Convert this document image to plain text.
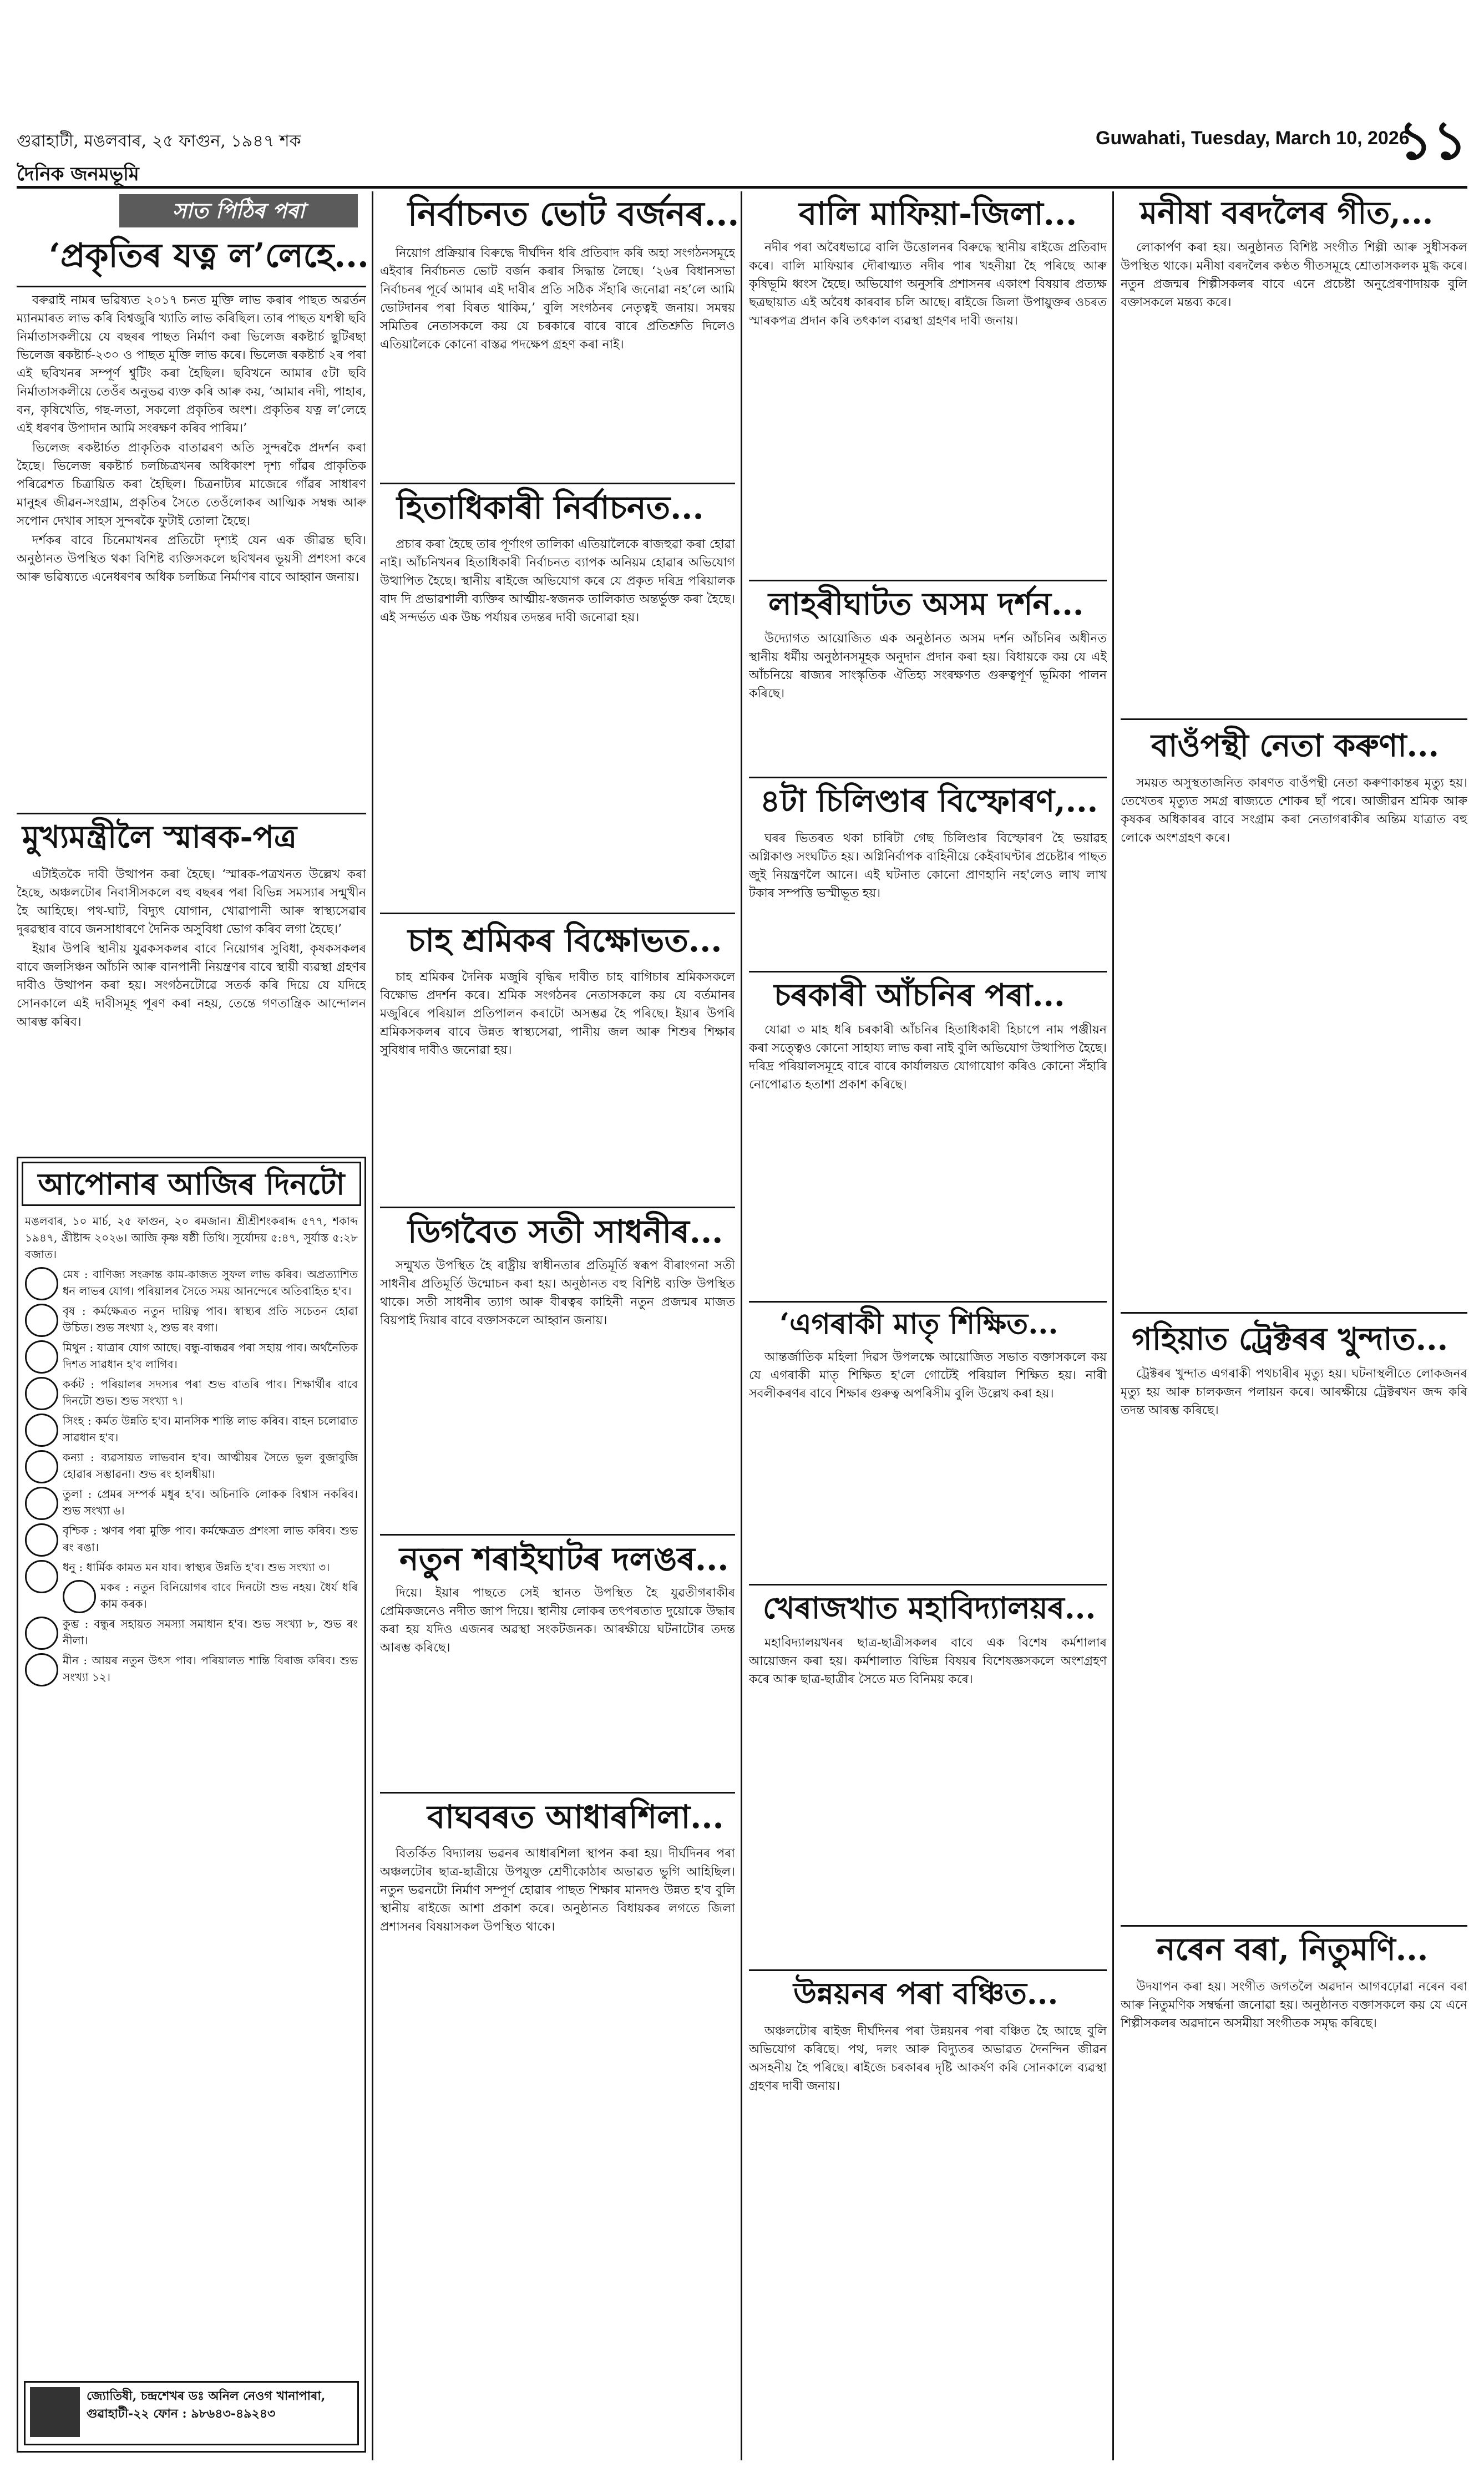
গুৱাহাটী, মঙলবাৰ, ২৫ ফাগুন, ১৯৪৭ শক
দৈনিক জনমভূমি
Guwahati, Tuesday, March 10, 2026
১১
সাত পিঠিৰ পৰা
‘প্ৰকৃতিৰ যত্ন ল’লেহে...

বৰুৱাই নামৰ ভৱিষ্যত ২০১৭ চনত মুক্তি লাভ কৰাৰ পাছত অৱৰ্তন ম্যানমাৰত লাভ কৰি বিশ্বজুৰি খ্যাতি লাভ কৰিছিল। তাৰ পাছত যশস্বী ছবি নিৰ্মাতাসকলীয়ে যে বছৰৰ পাছত নিৰ্মাণ কৰা ভিলেজ ৰকষ্টাৰ্চ ছুটিৰছা ভিলেজ ৰকষ্টাৰ্চ-২৩০ ও পাছত মুক্তি লাভ কৰে। ভিলেজ ৰকষ্টাৰ্চ ২ৰ পৰা এই ছবিখনৰ সম্পূৰ্ণ শ্বুটিং কৰা হৈছিল। ছবিখনে আমাৰ ৫টা ছবি নিৰ্মাতাসকলীয়ে তেওঁৰ অনুভৱ ব্যক্ত কৰি আৰু কয়, ‘আমাৰ নদী, পাহাৰ, বন, কৃষিখেতি, গছ-লতা, সকলো প্ৰকৃতিৰ অংশ। প্ৰকৃতিৰ যত্ন ল’লেহে এই ধৰণৰ উপাদান আমি সংৰক্ষণ কৰিব পাৰিম।’

ভিলেজ ৰকষ্টাৰ্চত প্ৰাকৃতিক বাতাৱৰণ অতি সুন্দৰকৈ প্ৰদৰ্শন কৰা হৈছে। ভিলেজ ৰকষ্টাৰ্চ চলচ্চিত্ৰখনৰ অধিকাংশ দৃশ্য গাঁৱৰ প্ৰাকৃতিক পৰিৱেশত চিত্ৰায়িত কৰা হৈছিল। চিত্ৰনাট্যৰ মাজেৰে গাঁৱৰ সাধাৰণ মানুহৰ জীৱন-সংগ্ৰাম, প্ৰকৃতিৰ সৈতে তেওঁলোকৰ আত্মিক সম্বন্ধ আৰু সপোন দেখাৰ সাহস সুন্দৰকৈ ফুটাই তোলা হৈছে।

দৰ্শকৰ বাবে চিনেমাখনৰ প্ৰতিটো দৃশ্যই যেন এক জীৱন্ত ছবি। অনুষ্ঠানত উপস্থিত থকা বিশিষ্ট ব্যক্তিসকলে ছবিখনৰ ভূয়সী প্ৰশংসা কৰে আৰু ভৱিষ্যতে এনেধৰণৰ অধিক চলচ্চিত্ৰ নিৰ্মাণৰ বাবে আহ্বান জনায়।

মুখ্যমন্ত্ৰীলৈ স্মাৰক-পত্ৰ

এটাইতকৈ দাবী উত্থাপন কৰা হৈছে। ‘স্মাৰক-পত্ৰখনত উল্লেখ কৰা হৈছে, অঞ্চলটোৰ নিবাসীসকলে বহু বছৰৰ পৰা বিভিন্ন সমস্যাৰ সন্মুখীন হৈ আহিছে। পথ-ঘাট, বিদ্যুৎ যোগান, খোৱাপানী আৰু স্বাস্থ্যসেৱাৰ দুৰৱস্থাৰ বাবে জনসাধাৰণে দৈনিক অসুবিধা ভোগ কৰিব লগা হৈছে।’

ইয়াৰ উপৰি স্থানীয় যুৱকসকলৰ বাবে নিয়োগৰ সুবিধা, কৃষকসকলৰ বাবে জলসিঞ্চন আঁচনি আৰু বানপানী নিয়ন্ত্ৰণৰ বাবে স্থায়ী ব্যৱস্থা গ্ৰহণৰ দাবীও উত্থাপন কৰা হয়। সংগঠনটোৱে সতৰ্ক কৰি দিয়ে যে যদিহে সোনকালে এই দাবীসমূহ পূৰণ কৰা নহয়, তেন্তে গণতান্ত্ৰিক আন্দোলন আৰম্ভ কৰিব।

আপোনাৰ আজিৰ দিনটো

মঙলবাৰ, ১০ মাৰ্চ, ২৫ ফাগুন, ২০ ৰমজান। শ্ৰীশ্ৰীশংকৰাব্দ ৫৭৭, শকাব্দ ১৯৪৭, খ্ৰীষ্টাব্দ ২০২৬। আজি কৃষ্ণ ষষ্ঠী তিথি। সূৰ্যোদয় ৫:৪৭, সূৰ্যাস্ত ৫:২৮ বজাত।

মেষ : বাণিজ্য সংক্ৰান্ত কাম-কাজত সুফল লাভ কৰিব। অপ্ৰত্যাশিত ধন লাভৰ যোগ। পৰিয়ালৰ সৈতে সময় আনন্দেৰে অতিবাহিত হ'ব।

বৃষ : কৰ্মক্ষেত্ৰত নতুন দায়িত্ব পাব। স্বাস্থ্যৰ প্ৰতি সচেতন হোৱা উচিত। শুভ সংখ্যা ২, শুভ ৰং বগা।

মিথুন : যাত্ৰাৰ যোগ আছে। বন্ধু-বান্ধৱৰ পৰা সহায় পাব। অৰ্থনৈতিক দিশত সাৱধান হ'ব লাগিব।

কৰ্কট : পৰিয়ালৰ সদস্যৰ পৰা শুভ বাতৰি পাব। শিক্ষাৰ্থীৰ বাবে দিনটো শুভ। শুভ সংখ্যা ৭।

সিংহ : কৰ্মত উন্নতি হ'ব। মানসিক শান্তি লাভ কৰিব। বাহন চলোৱাত সাৱধান হ'ব।

কন্যা : ব্যৱসায়ত লাভবান হ'ব। আত্মীয়ৰ সৈতে ভুল বুজাবুজি হোৱাৰ সম্ভাৱনা। শুভ ৰং হালধীয়া।

তুলা : প্ৰেমৰ সম্পৰ্ক মধুৰ হ'ব। অচিনাকি লোকক বিশ্বাস নকৰিব। শুভ সংখ্যা ৬।

বৃশ্চিক : ঋণৰ পৰা মুক্তি পাব। কৰ্মক্ষেত্ৰত প্ৰশংসা লাভ কৰিব। শুভ ৰং ৰঙা।

ধনু : ধাৰ্মিক কামত মন যাব। স্বাস্থ্যৰ উন্নতি হ'ব। শুভ সংখ্যা ৩।

মকৰ : নতুন বিনিয়োগৰ বাবে দিনটো শুভ নহয়। ধৈৰ্য ধৰি কাম কৰক।

কুম্ভ : বন্ধুৰ সহায়ত সমস্যা সমাধান হ'ব। শুভ সংখ্যা ৮, শুভ ৰং নীলা।

মীন : আয়ৰ নতুন উৎস পাব। পৰিয়ালত শান্তি বিৰাজ কৰিব। শুভ সংখ্যা ১২।

জ্যোতিষী, চন্দ্ৰশেখৰ ডঃ অনিল নেওগ খানাপাৰা, গুৱাহাটী-২২ ফোন : ৯৮৬৪৩-৪৯২৪৩
নিৰ্বাচনত ভোট বৰ্জনৰ...

নিয়োগ প্ৰক্ৰিয়াৰ বিৰুদ্ধে দীৰ্ঘদিন ধৰি প্ৰতিবাদ কৰি অহা সংগঠনসমূহে এইবাৰ নিৰ্বাচনত ভোট বৰ্জন কৰাৰ সিদ্ধান্ত লৈছে। ‘২৬ৰ বিধানসভা নিৰ্বাচনৰ পূৰ্বে আমাৰ এই দাবীৰ প্ৰতি সঠিক সঁহাৰি জনোৱা নহ’লে আমি ভোটদানৰ পৰা বিৰত থাকিম,’ বুলি সংগঠনৰ নেতৃত্বই জনায়। সমন্বয় সমিতিৰ নেতাসকলে কয় যে চৰকাৰে বাৰে বাৰে প্ৰতিশ্ৰুতি দিলেও এতিয়ালৈকে কোনো বাস্তৱ পদক্ষেপ গ্ৰহণ কৰা নাই।

হিতাধিকাৰী নিৰ্বাচনত...

প্ৰচাৰ কৰা হৈছে তাৰ পূৰ্ণাংগ তালিকা এতিয়ালৈকে ৰাজহুৱা কৰা হোৱা নাই। আঁচনিখনৰ হিতাধিকাৰী নিৰ্বাচনত ব্যাপক অনিয়ম হোৱাৰ অভিযোগ উত্থাপিত হৈছে। স্থানীয় ৰাইজে অভিযোগ কৰে যে প্ৰকৃত দৰিদ্ৰ পৰিয়ালক বাদ দি প্ৰভাৱশালী ব্যক্তিৰ আত্মীয়-স্বজনক তালিকাত অন্তৰ্ভুক্ত কৰা হৈছে। এই সন্দৰ্ভত এক উচ্চ পৰ্যায়ৰ তদন্তৰ দাবী জনোৱা হয়।

চাহ শ্ৰমিকৰ বিক্ষোভত...

চাহ শ্ৰমিকৰ দৈনিক মজুৰি বৃদ্ধিৰ দাবীত চাহ বাগিচাৰ শ্ৰমিকসকলে বিক্ষোভ প্ৰদৰ্শন কৰে। শ্ৰমিক সংগঠনৰ নেতাসকলে কয় যে বৰ্তমানৰ মজুৰিৰে পৰিয়াল প্ৰতিপালন কৰাটো অসম্ভৱ হৈ পৰিছে। ইয়াৰ উপৰি শ্ৰমিকসকলৰ বাবে উন্নত স্বাস্থ্যসেৱা, পানীয় জল আৰু শিশুৰ শিক্ষাৰ সুবিধাৰ দাবীও জনোৱা হয়।

ডিগবৈত সতী সাধনীৰ...

সন্মুখত উপস্থিত হৈ ৰাষ্ট্ৰীয় স্বাধীনতাৰ প্ৰতিমূৰ্তি স্বৰূপ বীৰাংগনা সতী সাধনীৰ প্ৰতিমূৰ্তি উন্মোচন কৰা হয়। অনুষ্ঠানত বহু বিশিষ্ট ব্যক্তি উপস্থিত থাকে। সতী সাধনীৰ ত্যাগ আৰু বীৰত্বৰ কাহিনী নতুন প্ৰজন্মৰ মাজত বিয়পাই দিয়াৰ বাবে বক্তাসকলে আহ্বান জনায়।

নতুন শৰাইঘাটৰ দলঙৰ...

দিয়ে। ইয়াৰ পাছতে সেই স্থানত উপস্থিত হৈ যুৱতীগৰাকীৰ প্ৰেমিকজনেও নদীত জাপ দিয়ে। স্থানীয় লোকৰ তৎপৰতাত দুয়োকে উদ্ধাৰ কৰা হয় যদিও এজনৰ অৱস্থা সংকটজনক। আৰক্ষীয়ে ঘটনাটোৰ তদন্ত আৰম্ভ কৰিছে।

বাঘবৰত আধাৰশিলা...

বিতৰ্কিত বিদ্যালয় ভৱনৰ আধাৰশিলা স্থাপন কৰা হয়। দীৰ্ঘদিনৰ পৰা অঞ্চলটোৰ ছাত্ৰ-ছাত্ৰীয়ে উপযুক্ত শ্ৰেণীকোঠাৰ অভাৱত ভুগি আহিছিল। নতুন ভৱনটো নিৰ্মাণ সম্পূৰ্ণ হোৱাৰ পাছত শিক্ষাৰ মানদণ্ড উন্নত হ'ব বুলি স্থানীয় ৰাইজে আশা প্ৰকাশ কৰে। অনুষ্ঠানত বিধায়কৰ লগতে জিলা প্ৰশাসনৰ বিষয়াসকল উপস্থিত থাকে।

বালি মাফিয়া-জিলা...

নদীৰ পৰা অবৈধভাৱে বালি উত্তোলনৰ বিৰুদ্ধে স্থানীয় ৰাইজে প্ৰতিবাদ কৰে। বালি মাফিয়াৰ দৌৰাত্ম্যত নদীৰ পাৰ খহনীয়া হৈ পৰিছে আৰু কৃষিভূমি ধ্বংস হৈছে। অভিযোগ অনুসৰি প্ৰশাসনৰ একাংশ বিষয়াৰ প্ৰত্যক্ষ ছত্ৰছায়াত এই অবৈধ কাৰবাৰ চলি আছে। ৰাইজে জিলা উপায়ুক্তৰ ওচৰত স্মাৰকপত্ৰ প্ৰদান কৰি তৎকাল ব্যৱস্থা গ্ৰহণৰ দাবী জনায়।

লাহৰীঘাটত অসম দৰ্শন...

উদ্যোগত আয়োজিত এক অনুষ্ঠানত অসম দৰ্শন আঁচনিৰ অধীনত স্থানীয় ধৰ্মীয় অনুষ্ঠানসমূহক অনুদান প্ৰদান কৰা হয়। বিধায়কে কয় যে এই আঁচনিয়ে ৰাজ্যৰ সাংস্কৃতিক ঐতিহ্য সংৰক্ষণত গুৰুত্বপূৰ্ণ ভূমিকা পালন কৰিছে।

৪টা চিলিণ্ডাৰ বিস্ফোৰণ,...

ঘৰৰ ভিতৰত থকা চাৰিটা গেছ চিলিণ্ডাৰ বিস্ফোৰণ হৈ ভয়াৱহ অগ্নিকাণ্ড সংঘটিত হয়। অগ্নিনিৰ্বাপক বাহিনীয়ে কেইবাঘণ্টাৰ প্ৰচেষ্টাৰ পাছত জুই নিয়ন্ত্ৰণলৈ আনে। এই ঘটনাত কোনো প্ৰাণহানি নহ'লেও লাখ লাখ টকাৰ সম্পত্তি ভস্মীভূত হয়।

চৰকাৰী আঁচনিৰ পৰা...

যোৱা ৩ মাহ ধৰি চৰকাৰী আঁচনিৰ হিতাধিকাৰী হিচাপে নাম পঞ্জীয়ন কৰা সত্ত্বেও কোনো সাহায্য লাভ কৰা নাই বুলি অভিযোগ উত্থাপিত হৈছে। দৰিদ্ৰ পৰিয়ালসমূহে বাৰে বাৰে কাৰ্যালয়ত যোগাযোগ কৰিও কোনো সঁহাৰি নোপোৱাত হতাশা প্ৰকাশ কৰিছে।

‘এগৰাকী মাতৃ শিক্ষিত...

আন্তৰ্জাতিক মহিলা দিৱস উপলক্ষে আয়োজিত সভাত বক্তাসকলে কয় যে এগৰাকী মাতৃ শিক্ষিত হ'লে গোটেই পৰিয়াল শিক্ষিত হয়। নাৰী সবলীকৰণৰ বাবে শিক্ষাৰ গুৰুত্ব অপৰিসীম বুলি উল্লেখ কৰা হয়।

খেৰাজখাত মহাবিদ্যালয়ৰ...

মহাবিদ্যালয়খনৰ ছাত্ৰ-ছাত্ৰীসকলৰ বাবে এক বিশেষ কৰ্মশালাৰ আয়োজন কৰা হয়। কৰ্মশালাত বিভিন্ন বিষয়ৰ বিশেষজ্ঞসকলে অংশগ্ৰহণ কৰে আৰু ছাত্ৰ-ছাত্ৰীৰ সৈতে মত বিনিময় কৰে।

উন্নয়নৰ পৰা বঞ্চিত...

অঞ্চলটোৰ ৰাইজ দীৰ্ঘদিনৰ পৰা উন্নয়নৰ পৰা বঞ্চিত হৈ আছে বুলি অভিযোগ কৰিছে। পথ, দলং আৰু বিদ্যুতৰ অভাৱত দৈনন্দিন জীৱন অসহনীয় হৈ পৰিছে। ৰাইজে চৰকাৰৰ দৃষ্টি আকৰ্ষণ কৰি সোনকালে ব্যৱস্থা গ্ৰহণৰ দাবী জনায়।

মনীষা বৰদলৈৰ গীত,...

লোকাৰ্পণ কৰা হয়। অনুষ্ঠানত বিশিষ্ট সংগীত শিল্পী আৰু সুধীসকল উপস্থিত থাকে। মনীষা বৰদলৈৰ কণ্ঠত গীতসমূহে শ্ৰোতাসকলক মুগ্ধ কৰে। নতুন প্ৰজন্মৰ শিল্পীসকলৰ বাবে এনে প্ৰচেষ্টা অনুপ্ৰেৰণাদায়ক বুলি বক্তাসকলে মন্তব্য কৰে।

বাওঁপন্থী নেতা কৰুণা...

সময়ত অসুস্থতাজনিত কাৰণত বাওঁপন্থী নেতা কৰুণাকান্তৰ মৃত্যু হয়। তেখেতৰ মৃত্যুত সমগ্ৰ ৰাজ্যতে শোকৰ ছাঁ পৰে। আজীৱন শ্ৰমিক আৰু কৃষকৰ অধিকাৰৰ বাবে সংগ্ৰাম কৰা নেতাগৰাকীৰ অন্তিম যাত্ৰাত বহু লোকে অংশগ্ৰহণ কৰে।

গহিয়াত ট্ৰেক্টৰৰ খুন্দাত...

ট্ৰেক্টৰৰ খুন্দাত এগৰাকী পথচাৰীৰ মৃত্যু হয়। ঘটনাস্থলীতে লোকজনৰ মৃত্যু হয় আৰু চালকজন পলায়ন কৰে। আৰক্ষীয়ে ট্ৰেক্টৰখন জব্দ কৰি তদন্ত আৰম্ভ কৰিছে।

নৰেন বৰা, নিতুমণি...

উদযাপন কৰা হয়। সংগীত জগতলৈ অৱদান আগবঢ়োৱা নৰেন বৰা আৰু নিতুমণিক সম্বৰ্দ্ধনা জনোৱা হয়। অনুষ্ঠানত বক্তাসকলে কয় যে এনে শিল্পীসকলৰ অৱদানে অসমীয়া সংগীতক সমৃদ্ধ কৰিছে।
